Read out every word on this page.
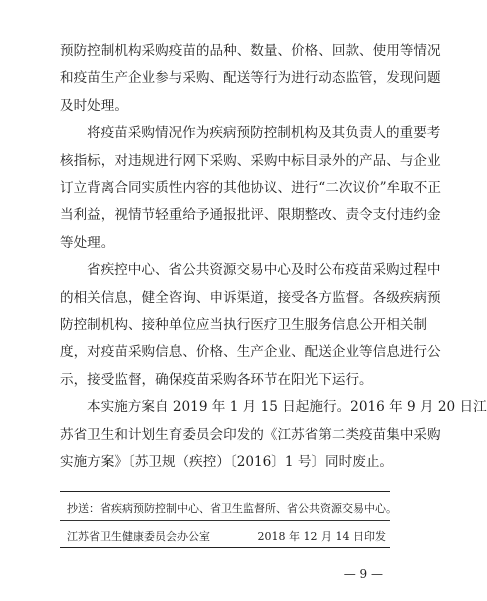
预防控制机构采购疫苗的品种、数量、价格、回款、使用等情况
和疫苗生产企业参与采购、配送等行为进行动态监管，发现问题
及时处理。

将疫苗采购情况作为疾病预防控制机构及其负责人的重要考
核指标，对违规进行网下采购、采购中标目录外的产品、与企业
订立背离合同实质性内容的其他协议、进行“二次议价”牟取不正
当利益，视情节轻重给予通报批评、限期整改、责令支付违约金
等处理。

省疾控中心、省公共资源交易中心及时公布疫苗采购过程中
的相关信息，健全咨询、申诉渠道，接受各方监督。各级疾病预
防控制机构、接种单位应当执行医疗卫生服务信息公开相关制
度，对疫苗采购信息、价格、生产企业、配送企业等信息进行公
示，接受监督，确保疫苗采购各环节在阳光下运行。

本实施方案自 2019 年 1 月 15 日起施行。2016 年 9 月 20 日江
苏省卫生和计划生育委员会印发的《江苏省第二类疫苗集中采购
实施方案》〔苏卫规（疾控）〔2016〕1 号〕同时废止。

抄送：省疾病预防控制中心、省卫生监督所、省公共资源交易中心。
江苏省卫生健康委员会办公室	2018 年 12 月 14 日印发
— 9 —
